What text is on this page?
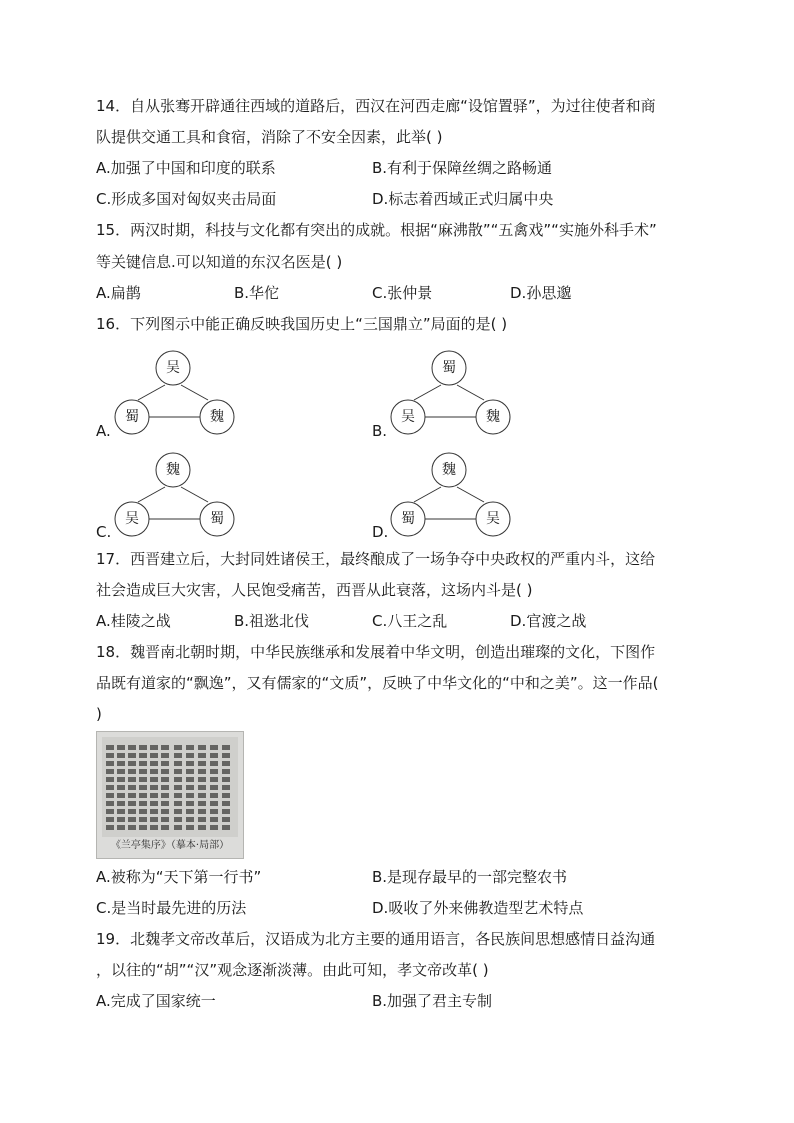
14．自从张骞开辟通往西域的道路后，西汉在河西走廊“设馆置驿”，为过往使者和商
队提供交通工具和食宿，消除了不安全因素，此举( )
A.加强了中国和印度的联系	B.有利于保障丝绸之路畅通
C.形成多国对匈奴夹击局面	D.标志着西域正式归属中央
15．两汉时期，科技与文化都有突出的成就。根据“麻沸散”“五禽戏”“实施外科手术”
等关键信息.可以知道的东汉名医是( )
A.扁鹊	B.华佗	C.张仲景	D.孙思邈
16．下列图示中能正确反映我国历史上“三国鼎立”局面的是( )
A.
吴
蜀	魏
B.
蜀
吴	魏
C.
魏
吴	蜀
D.
魏
蜀	吴
17．西晋建立后，大封同姓诸侯王，最终酿成了一场争夺中央政权的严重内斗，这给
社会造成巨大灾害，人民饱受痛苦，西晋从此衰落，这场内斗是( )
A.桂陵之战	B.祖逖北伐	C.八王之乱	D.官渡之战
18．魏晋南北朝时期，中华民族继承和发展着中华文明，创造出璀璨的文化，下图作
品既有道家的“飘逸”，又有儒家的“文质”，反映了中华文化的“中和之美”。这一作品(
)
《兰亭集序》（摹本·局部）
A.被称为“天下第一行书”	B.是现存最早的一部完整农书
C.是当时最先进的历法	D.吸收了外来佛教造型艺术特点
19．北魏孝文帝改革后，汉语成为北方主要的通用语言，各民族间思想感情日益沟通
，以往的“胡”“汉”观念逐渐淡薄。由此可知，孝文帝改革( )
A.完成了国家统一	B.加强了君主专制
